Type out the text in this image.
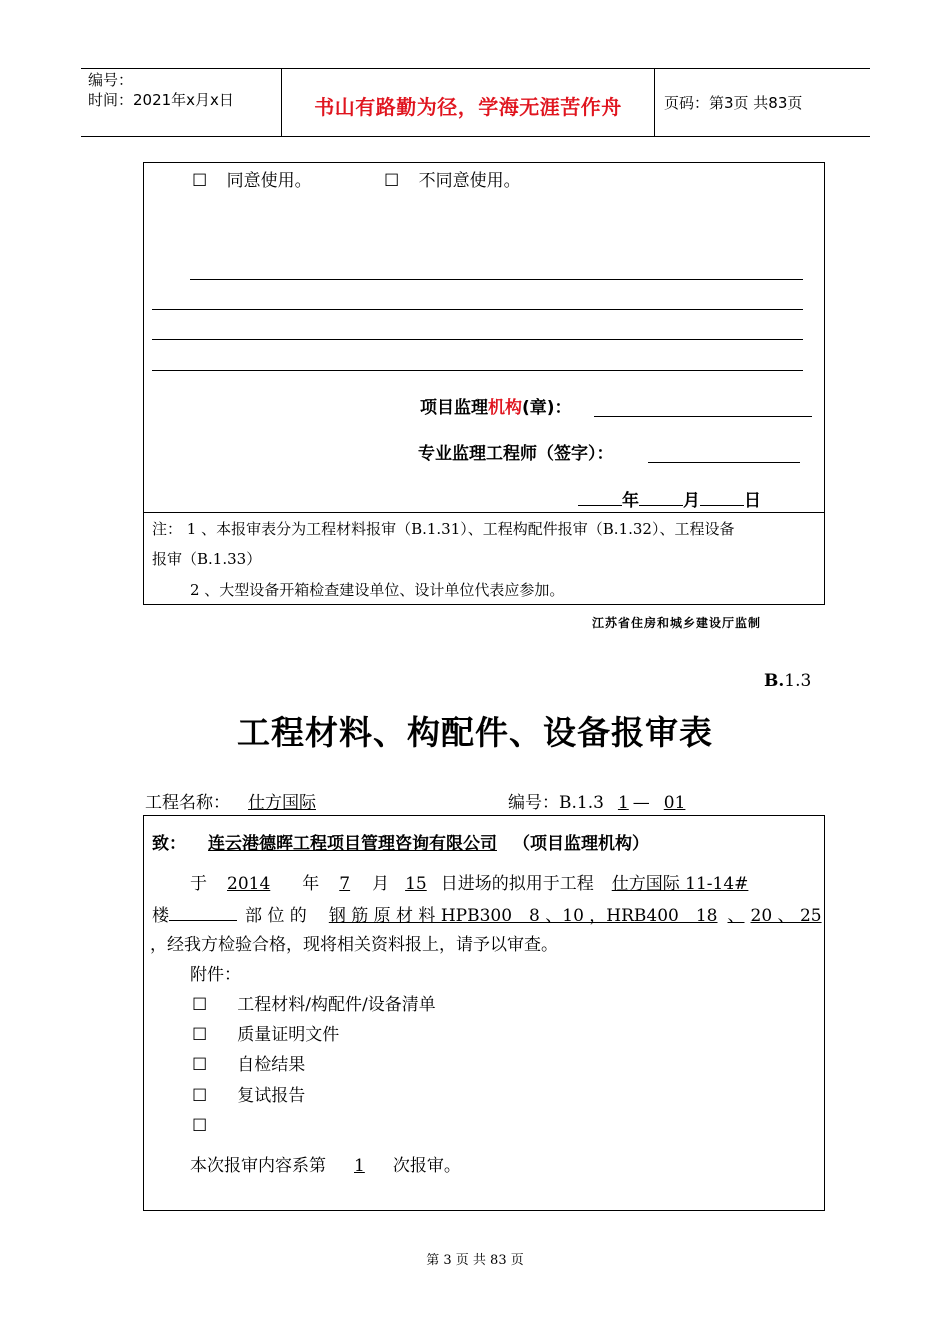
编号：
时间：2021年x月x日	书山有路勤为径，学海无涯苦作舟	页码：第3页 共83页
☐ 同意使用。	☐ 不同意使用。
项目监理机构(章)：
专业监理工程师（签字）：
年	月	日
注： 1 、本报审表分为工程材料报审（B.1.31）、工程构配件报审（B.1.32）、工程设备
报审（B.1.33）
2 、大型设备开箱检查建设单位、设计单位代表应参加。
江苏省住房和城乡建设厅监制
B.1.3
工程材料、构配件、设备报审表
工程名称： 仕方国际	编号：B.1.3 1 — 01
致： 连云港德晖工程项目管理咨询有限公司 （项目监理机构）
于 2014 年 7 月 15 日进场的拟用于工程 仕方国际 11-14#
楼	部 位 的 钢 筋 原 材 料 HPB300　8 、10 ，HRB400　18 、 20 、 25
，经我方检验合格，现将相关资料报上，请予以审查。
附件：
☐ 工程材料/构配件/设备清单
☐ 质量证明文件
☐ 自检结果
☐ 复试报告
☐
本次报审内容系第 1 次报审。
第 3 页 共 83 页
